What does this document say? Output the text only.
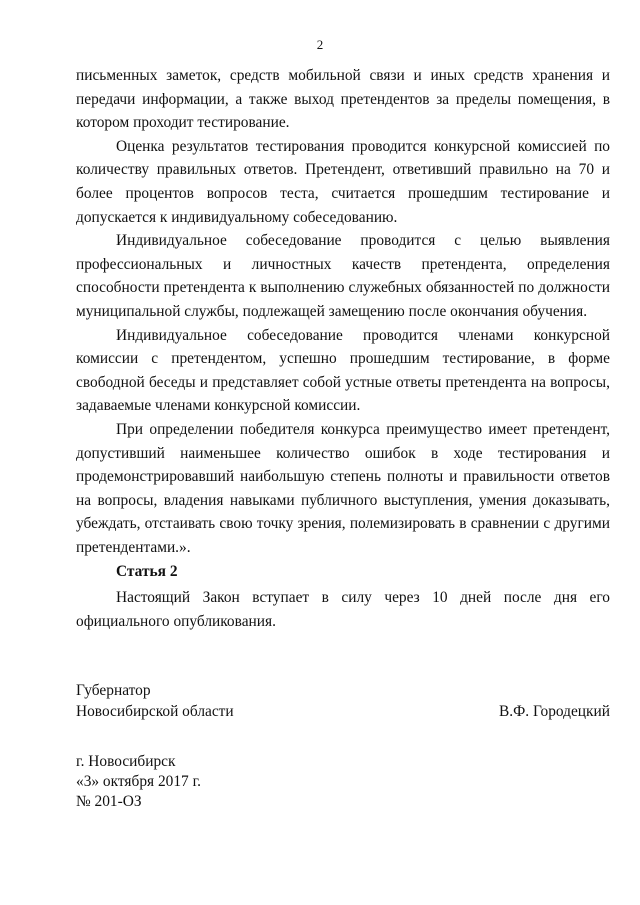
2

письменных заметок, средств мобильной связи и иных средств хранения и передачи информации, а также выход претендентов за пределы помещения, в котором проходит тестирование.

Оценка результатов тестирования проводится конкурсной комиссией по количеству правильных ответов. Претендент, ответивший правильно на 70 и более процентов вопросов теста, считается прошедшим тестирование и допускается к индивидуальному собеседованию.

Индивидуальное собеседование проводится с целью выявления профессиональных и личностных качеств претендента, определения способности претендента к выполнению служебных обязанностей по должности муниципальной службы, подлежащей замещению после окончания обучения.

Индивидуальное собеседование проводится членами конкурсной комиссии с претендентом, успешно прошедшим тестирование, в форме свободной беседы и представляет собой устные ответы претендента на вопросы, задаваемые членами конкурсной комиссии.

При определении победителя конкурса преимущество имеет претендент, допустивший наименьшее количество ошибок в ходе тестирования и продемонстрировавший наибольшую степень полноты и правильности ответов на вопросы, владения навыками публичного выступления, умения доказывать, убеждать, отстаивать свою точку зрения, полемизировать в сравнении с другими претендентами.».

Статья 2

Настоящий Закон вступает в силу через 10 дней после дня его официального опубликования.

Губернатор
Новосибирской области	В.Ф. Городецкий
г. Новосибирск
«3» октября 2017 г.
№ 201-ОЗ
